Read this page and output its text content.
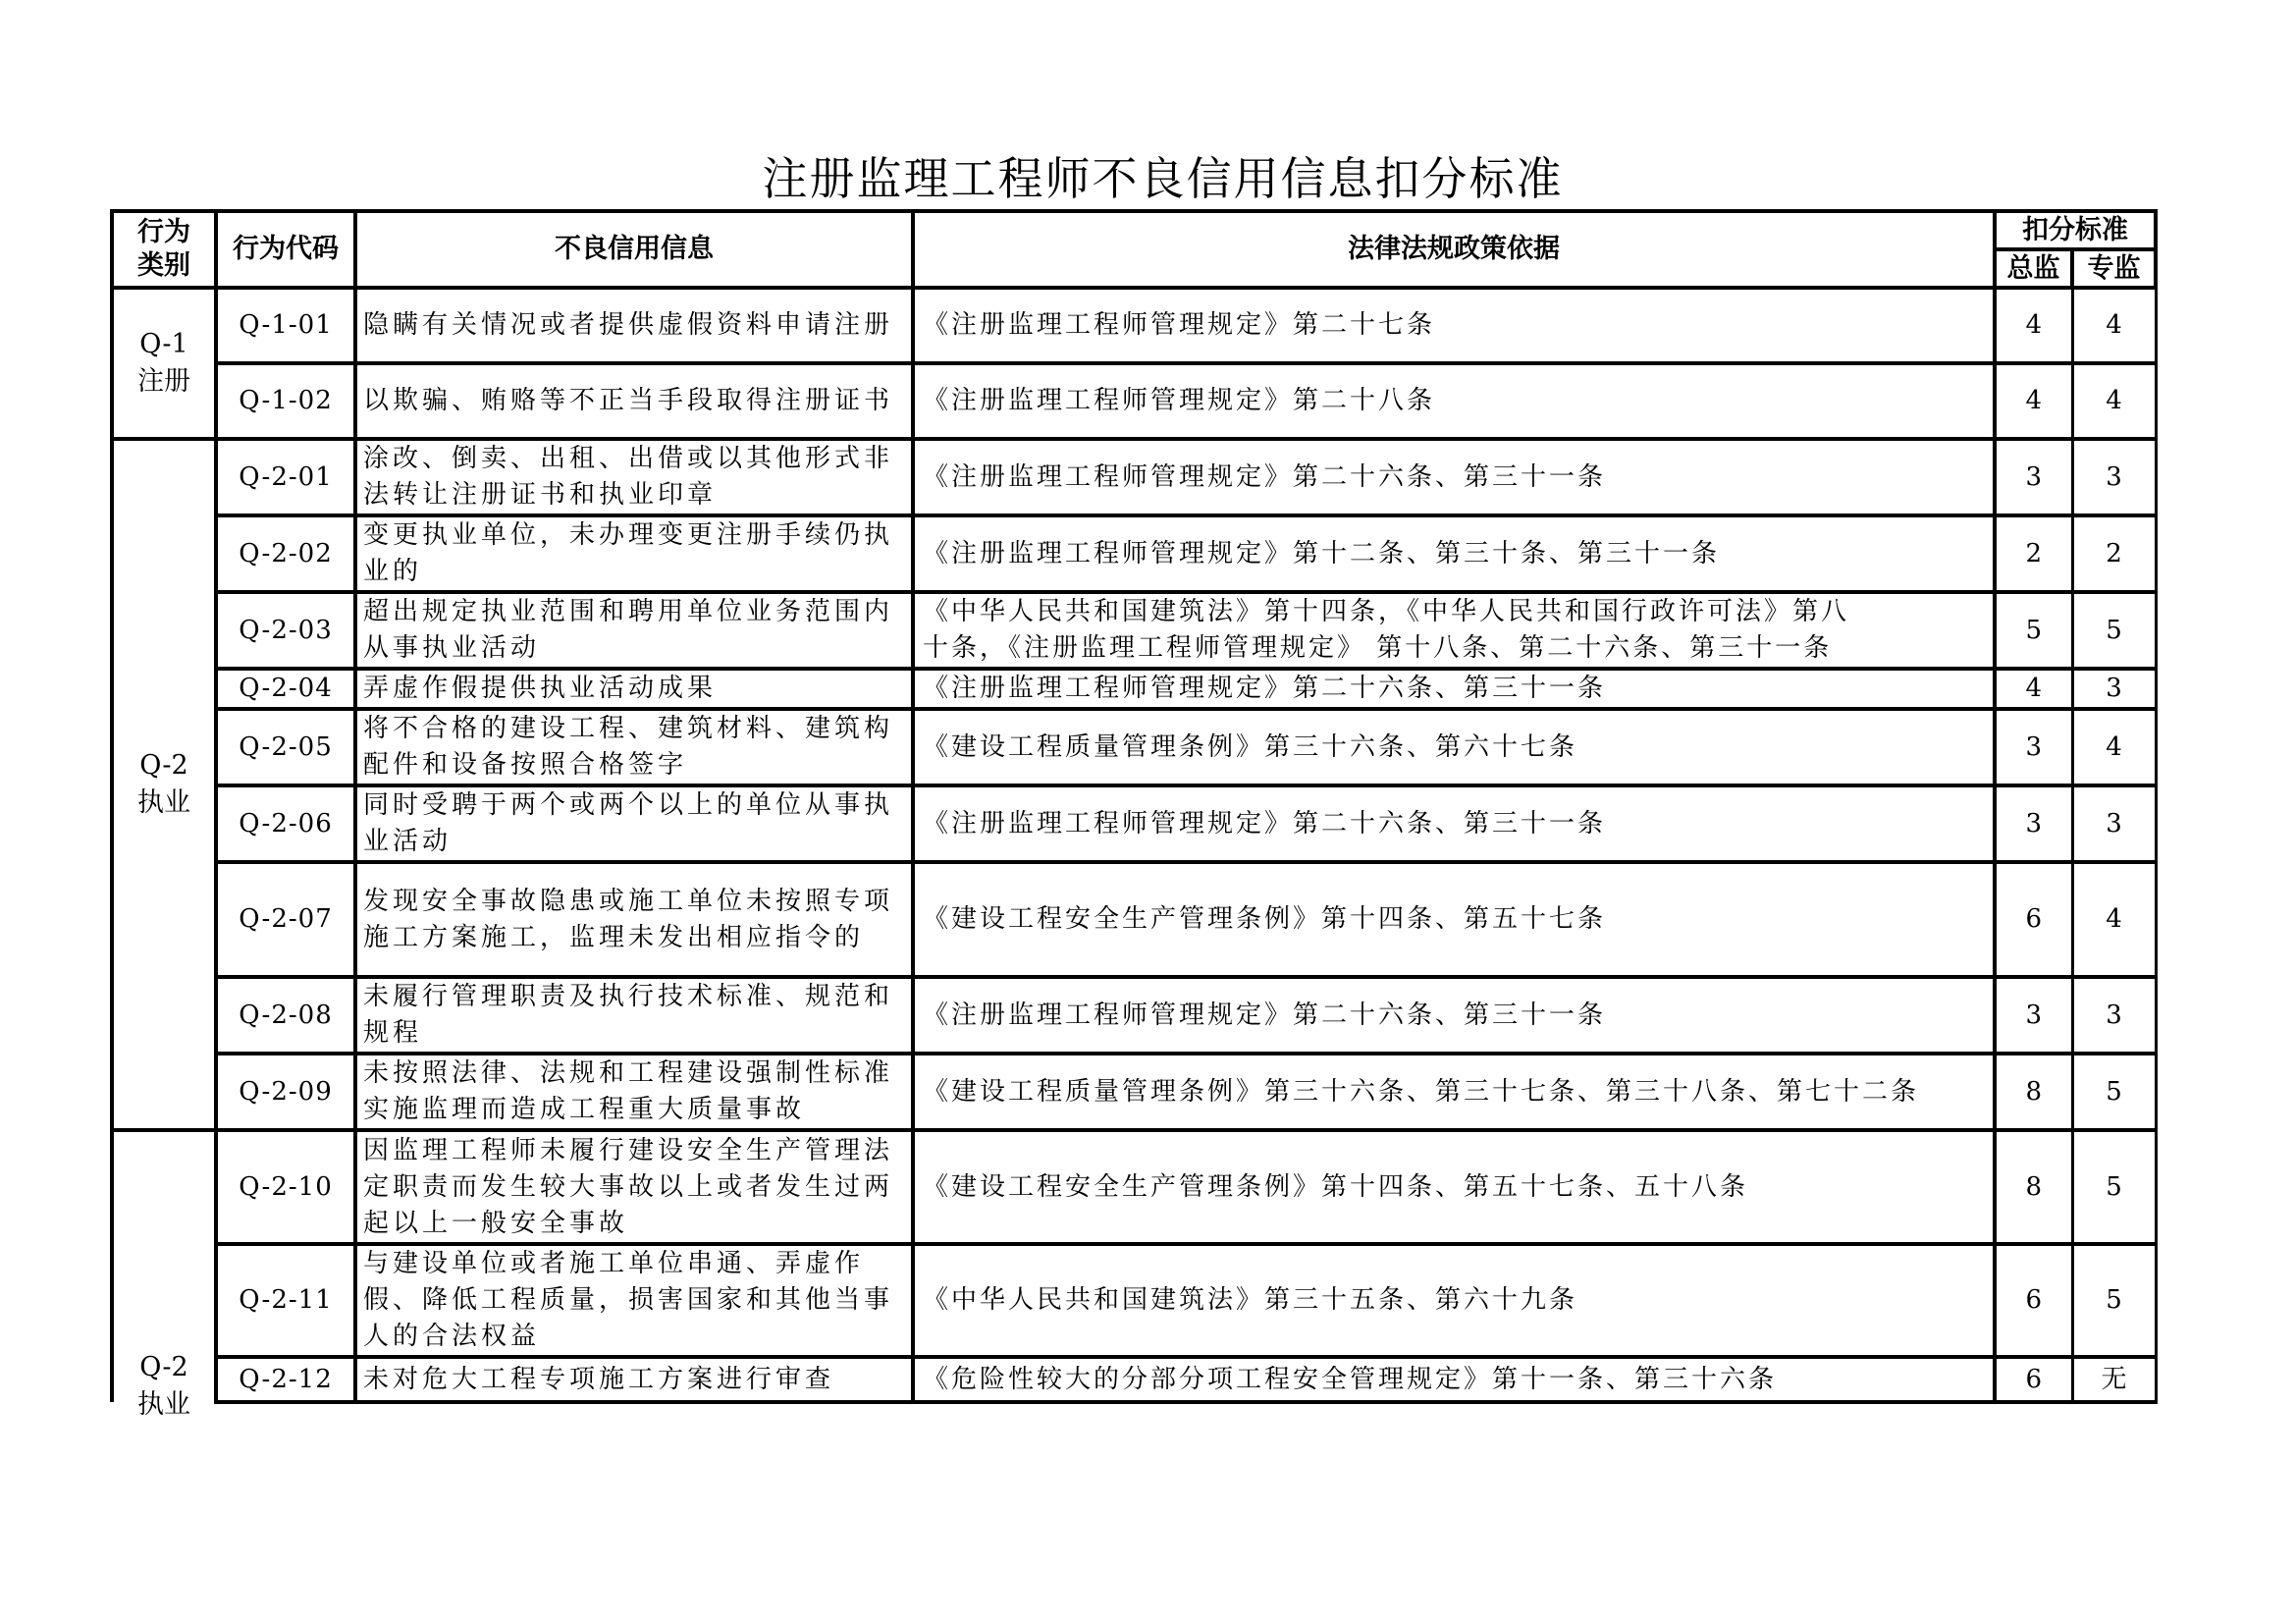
注册监理工程师不良信用信息扣分标准
行为
类别	行为代码	不良信用信息	法律法规政策依据	扣分标准	
				总监	专监

Q-1
注册	Q-1-01	隐瞒有关情况或者提供虚假资料申请注册	《注册监理工程师管理规定》第二十七条	4	4
	Q-1-02	以欺骗、贿赂等不正当手段取得注册证书	《注册监理工程师管理规定》第二十八条	4	4

Q-2
执业	Q-2-01	涂改、倒卖、出租、出借或以其他形式非法转让注册证书和执业印章	《注册监理工程师管理规定》第二十六条、第三十一条	3	3
	Q-2-02	变更执业单位，未办理变更注册手续仍执业的	《注册监理工程师管理规定》第十二条、第三十条、第三十一条	2	2
	Q-2-03	超出规定执业范围和聘用单位业务范围内从事执业活动	《中华人民共和国建筑法》第十四条，《中华人民共和国行政许可法》第八十条，《注册监理工程师管理规定》 第十八条、第二十六条、第三十一条	5	5
	Q-2-04	弄虚作假提供执业活动成果	《注册监理工程师管理规定》第二十六条、第三十一条	4	3
	Q-2-05	将不合格的建设工程、建筑材料、建筑构配件和设备按照合格签字	《建设工程质量管理条例》第三十六条、第六十七条	3	4
	Q-2-06	同时受聘于两个或两个以上的单位从事执业活动	《注册监理工程师管理规定》第二十六条、第三十一条	3	3
	Q-2-07	发现安全事故隐患或施工单位未按照专项施工方案施工，监理未发出相应指令的	《建设工程安全生产管理条例》第十四条、第五十七条	6	4
	Q-2-08	未履行管理职责及执行技术标准、规范和规程	《注册监理工程师管理规定》第二十六条、第三十一条	3	3
	Q-2-09	未按照法律、法规和工程建设强制性标准实施监理而造成工程重大质量事故	《建设工程质量管理条例》第三十六条、第三十七条、第三十八条、第七十二条	8	5

Q-2
执业	Q-2-10	因监理工程师未履行建设安全生产管理法定职责而发生较大事故以上或者发生过两起以上一般安全事故	《建设工程安全生产管理条例》第十四条、第五十七条、五十八条	8	5
	Q-2-11	与建设单位或者施工单位串通、弄虚作假、降低工程质量，损害国家和其他当事人的合法权益	《中华人民共和国建筑法》第三十五条、第六十九条	6	5
	Q-2-12	未对危大工程专项施工方案进行审查	《危险性较大的分部分项工程安全管理规定》第十一条、第三十六条	6	无
